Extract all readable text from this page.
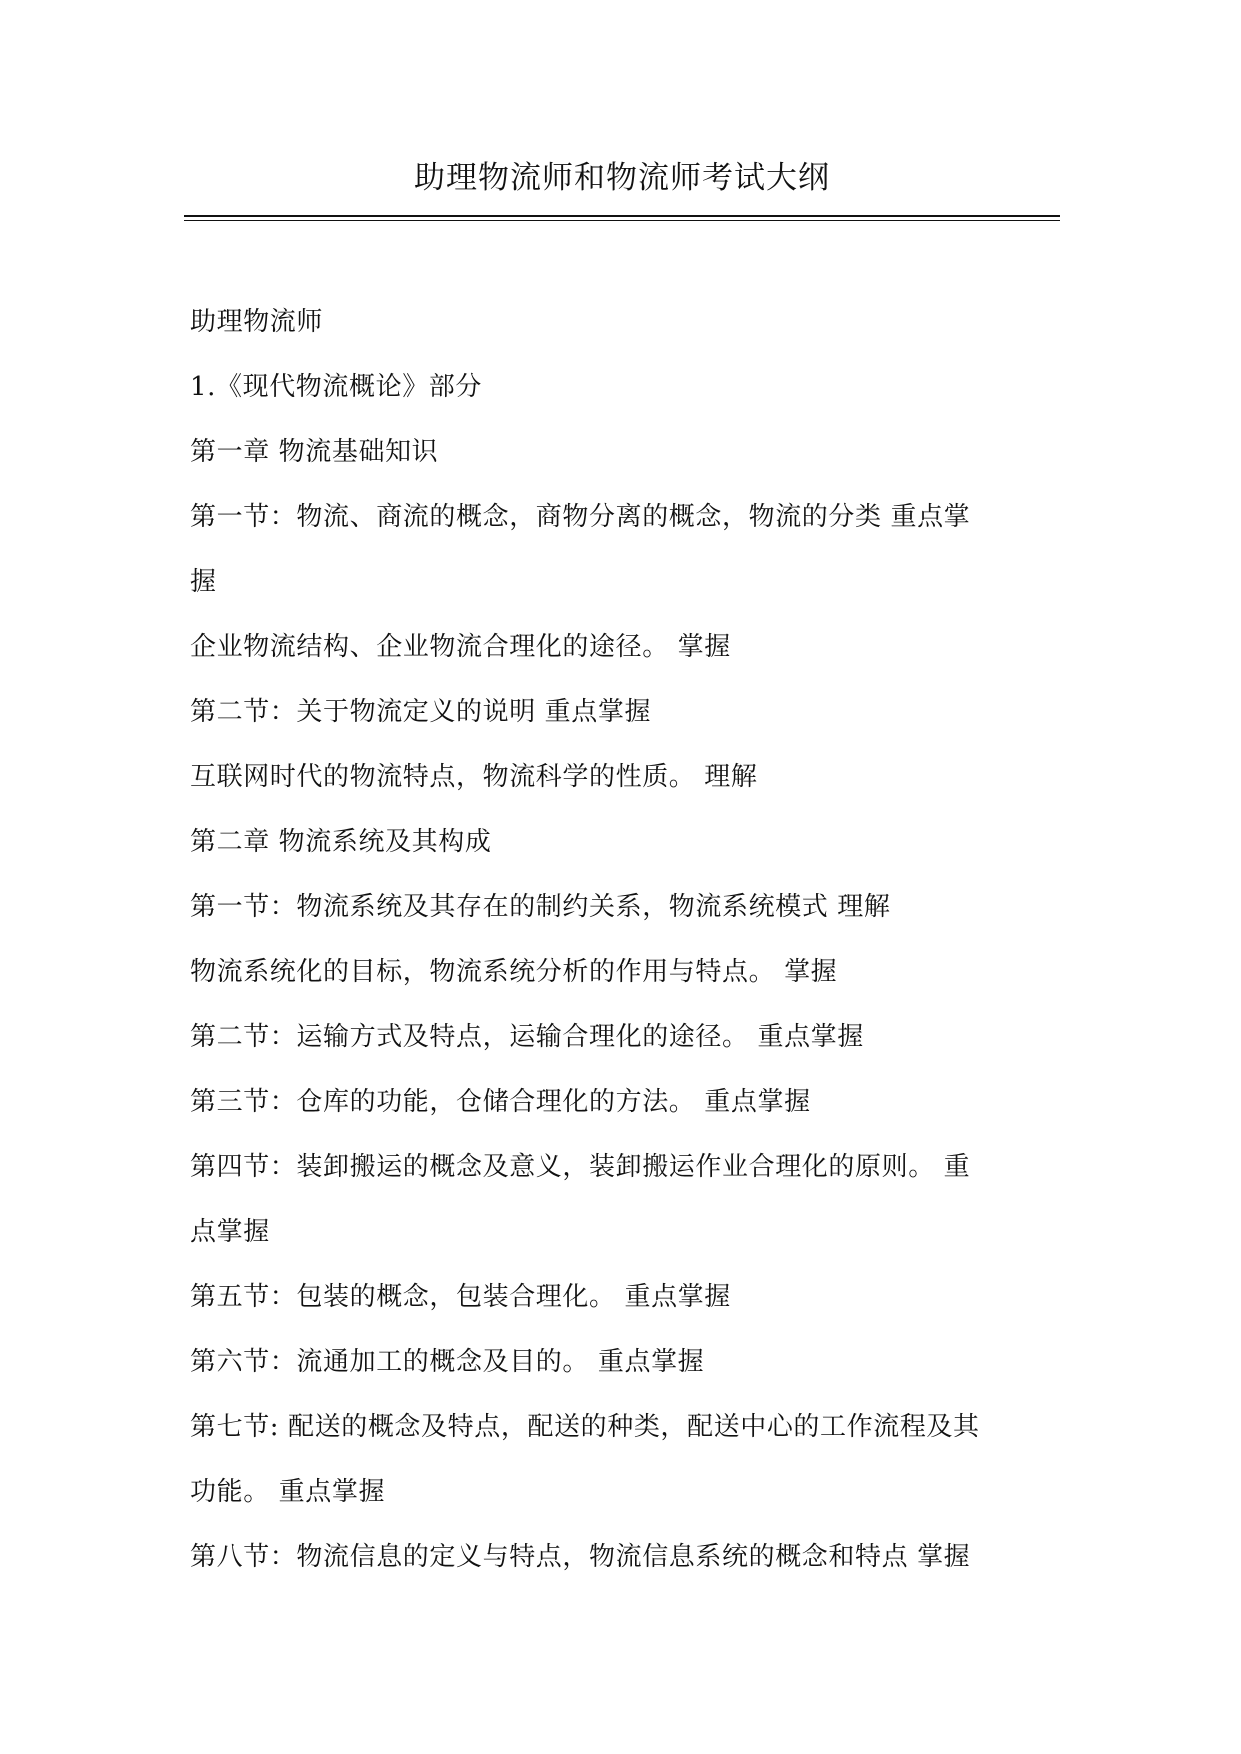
助理物流师和物流师考试大纲
助理物流师
1.《现代物流概论》部分
第一章 物流基础知识
第一节：物流、商流的概念，商物分离的概念，物流的分类 重点掌
握
企业物流结构、企业物流合理化的途径。 掌握
第二节：关于物流定义的说明 重点掌握
互联网时代的物流特点，物流科学的性质。 理解
第二章 物流系统及其构成
第一节：物流系统及其存在的制约关系，物流系统模式 理解
物流系统化的目标，物流系统分析的作用与特点。 掌握
第二节：运输方式及特点，运输合理化的途径。 重点掌握
第三节：仓库的功能，仓储合理化的方法。 重点掌握
第四节：装卸搬运的概念及意义，装卸搬运作业合理化的原则。 重
点掌握
第五节：包装的概念，包装合理化。 重点掌握
第六节：流通加工的概念及目的。 重点掌握
第七节: 配送的概念及特点，配送的种类，配送中心的工作流程及其
功能。 重点掌握
第八节：物流信息的定义与特点，物流信息系统的概念和特点 掌握
